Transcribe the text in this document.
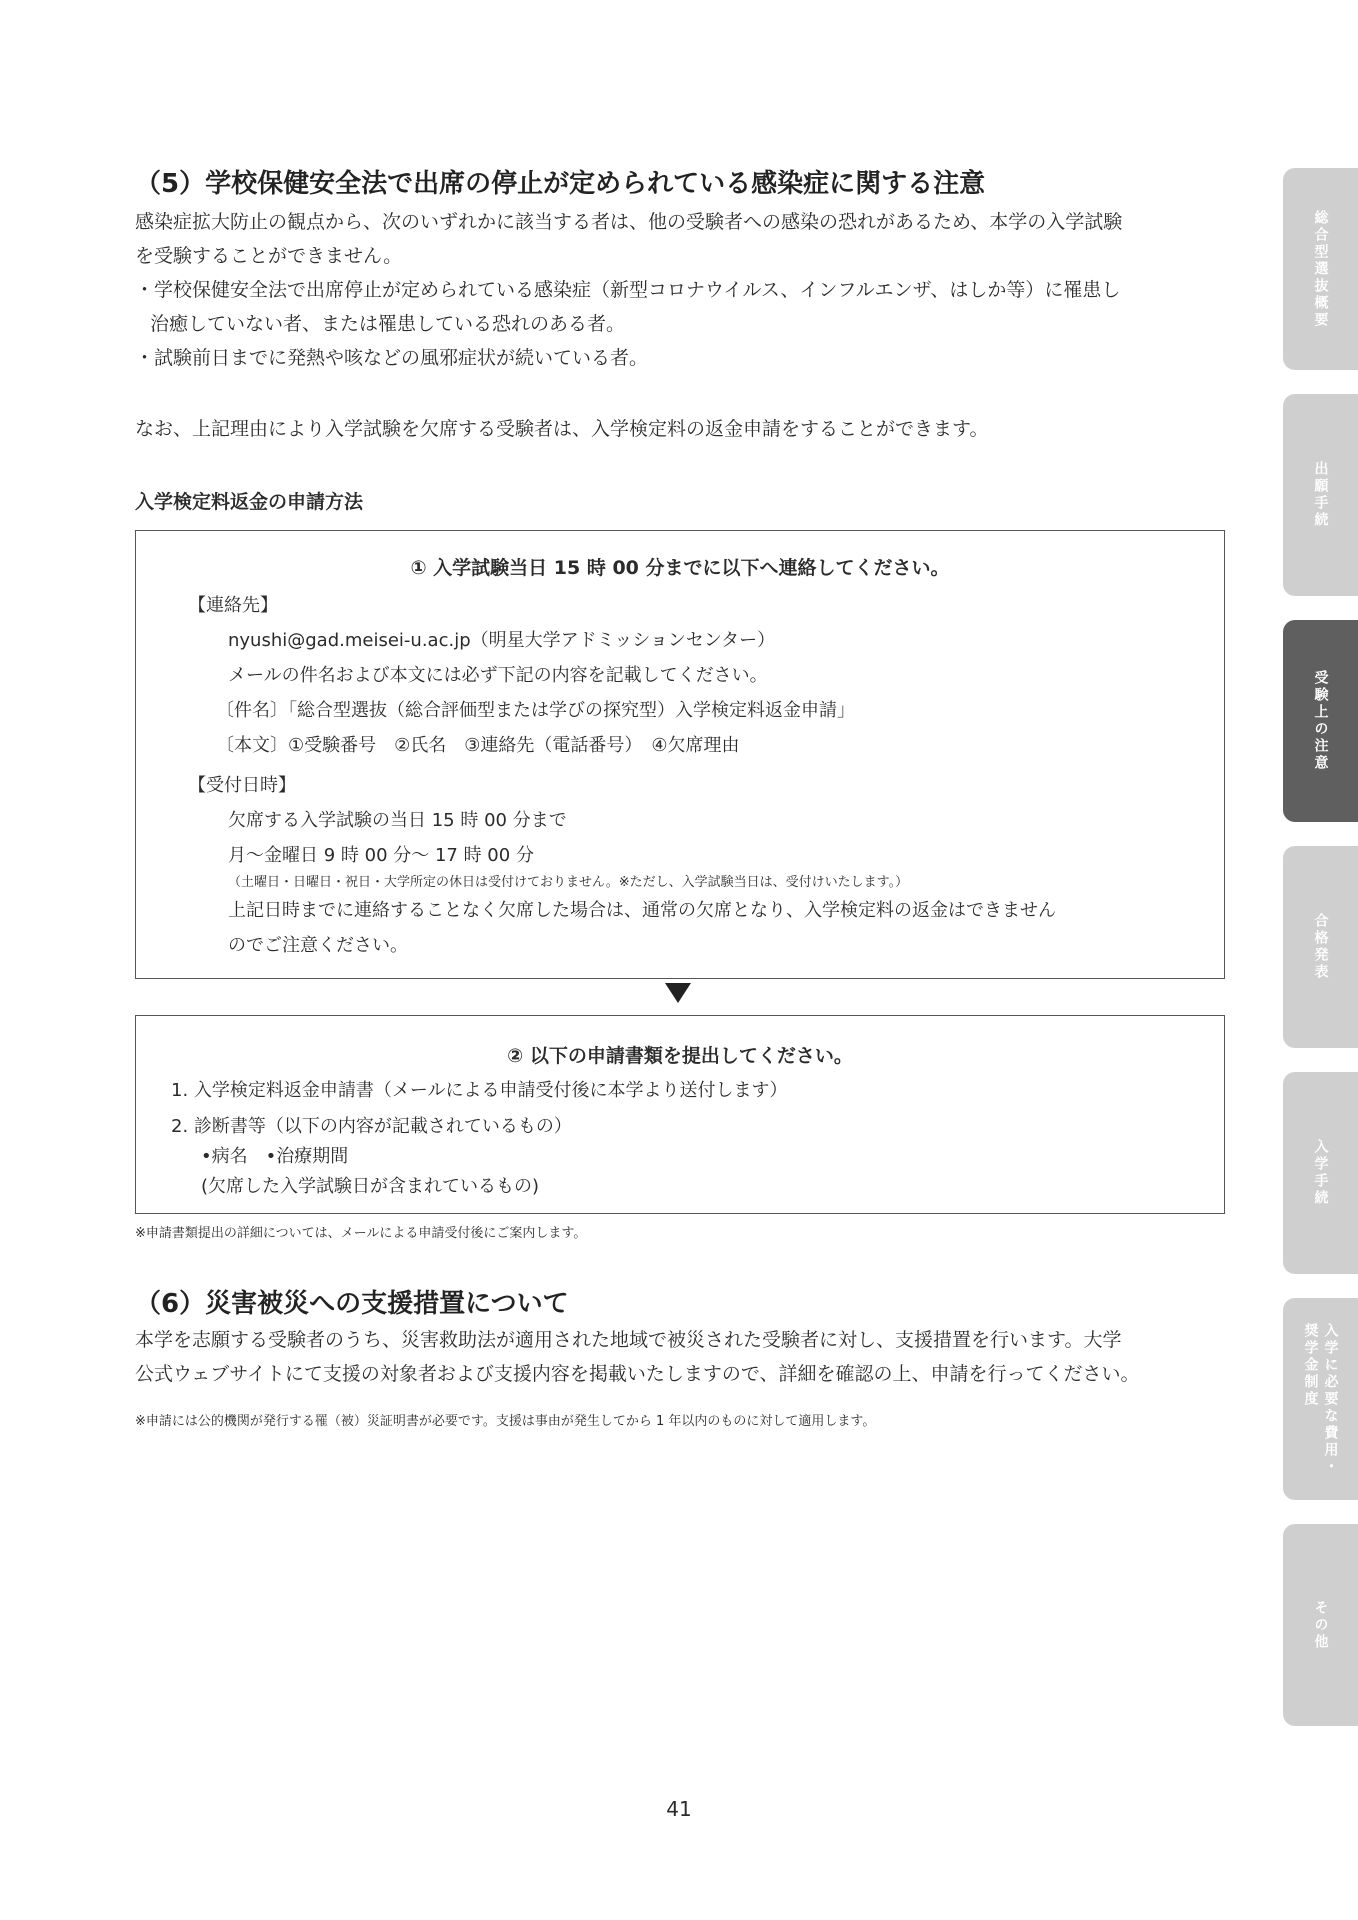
（5）学校保健安全法で出席の停止が定められている感染症に関する注意
感染症拡大防止の観点から、次のいずれかに該当する者は、他の受験者への感染の恐れがあるため、本学の入学試験
を受験することができません。
・学校保健安全法で出席停止が定められている感染症（新型コロナウイルス、インフルエンザ、はしか等）に罹患し
治癒していない者、または罹患している恐れのある者。
・試験前日までに発熱や咳などの風邪症状が続いている者。
なお、上記理由により入学試験を欠席する受験者は、入学検定料の返金申請をすることができます。
入学検定料返金の申請方法
① 入学試験当日 15 時 00 分までに以下へ連絡してください。
【連絡先】
nyushi@gad.meisei-u.ac.jp（明星大学アドミッションセンター）
メールの件名および本文には必ず下記の内容を記載してください。
〔件名〕「総合型選抜（総合評価型または学びの探究型）入学検定料返金申請」
〔本文〕①受験番号　②氏名　③連絡先（電話番号）　④欠席理由
【受付日時】
欠席する入学試験の当日 15 時 00 分まで
月～金曜日 9 時 00 分～ 17 時 00 分
（土曜日・日曜日・祝日・大学所定の休日は受付けておりません。※ただし、入学試験当日は、受付けいたします。）
上記日時までに連絡することなく欠席した場合は、通常の欠席となり、入学検定料の返金はできません
のでご注意ください。
② 以下の申請書類を提出してください。
1. 入学検定料返金申請書（メールによる申請受付後に本学より送付します）
2. 診断書等（以下の内容が記載されているもの）
•病名　•治療期間
(欠席した入学試験日が含まれているもの)
※申請書類提出の詳細については、メールによる申請受付後にご案内します。
（6）災害被災への支援措置について
本学を志願する受験者のうち、災害救助法が適用された地域で被災された受験者に対し、支援措置を行います。大学
公式ウェブサイトにて支援の対象者および支援内容を掲載いたしますので、詳細を確認の上、申請を行ってください。
※申請には公的機関が発行する罹（被）災証明書が必要です。支援は事由が発生してから 1 年以内のものに対して適用します。
41
総合型選抜概要
出願手続
受験上の注意
合格発表
入学手続
入学に必要な費用・
奨学金制度
その他
